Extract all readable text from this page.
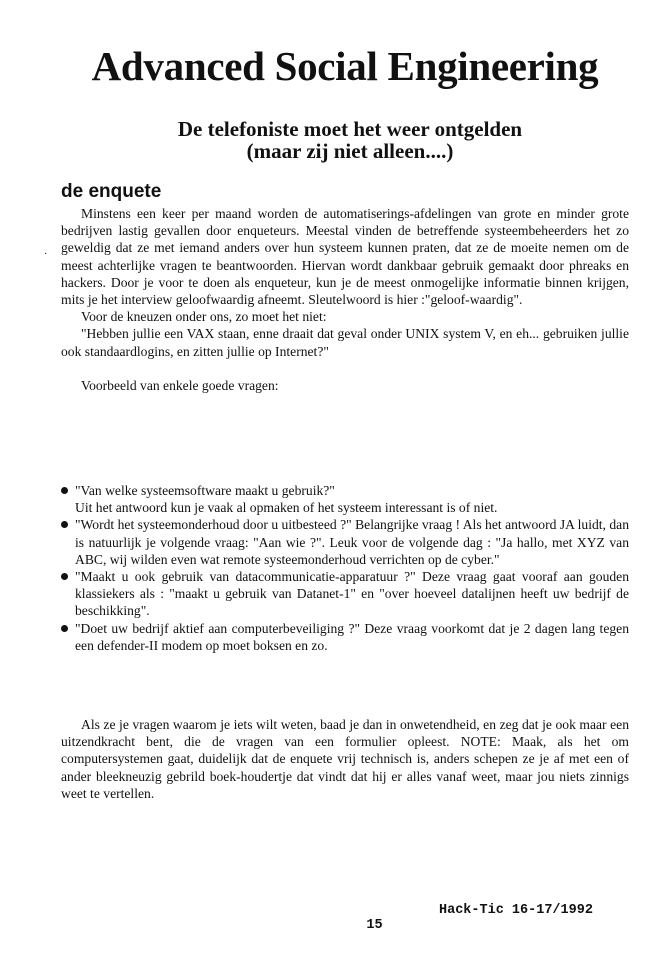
Advanced Social Engineering
De telefoniste moet het weer ontgelden
(maar zij niet alleen....)
de enquete
·

Minstens een keer per maand worden de automatiserings-afdelingen van grote en minder grote bedrijven lastig gevallen door enqueteurs. Meestal vinden de betreffende systeembeheerders het zo geweldig dat ze met iemand anders over hun systeem kunnen praten, dat ze de moeite nemen om de meest achterlijke vragen te beantwoorden. Hiervan wordt dankbaar gebruik gemaakt door phreaks en hackers. Door je voor te doen als enqueteur, kun je de meest onmogelijke informatie binnen krijgen, mits je het interview geloofwaardig afneemt. Sleutelwoord is hier :"geloof-waardig".

Voor de kneuzen onder ons, zo moet het niet:

"Hebben jullie een VAX staan, enne draait dat geval onder UNIX system V, en eh... gebruiken jullie ook standaardlogins, en zitten jullie op Internet?"

Voorbeeld van enkele goede vragen:

"Van welke systeemsoftware maakt u gebruik?"
Uit het antwoord kun je vaak al opmaken of het systeem interessant is of niet.
"Wordt het systeemonderhoud door u uitbesteed ?" Belangrijke vraag ! Als het antwoord JA luidt, dan is natuurlijk je volgende vraag: "Aan wie ?". Leuk voor de volgende dag : "Ja hallo, met XYZ van ABC, wij wilden even wat remote systeemonderhoud verrichten op de cyber."
"Maakt u ook gebruik van datacommunicatie-apparatuur ?" Deze vraag gaat vooraf aan gouden klassiekers als : "maakt u gebruik van Datanet-1" en "over hoeveel datalijnen heeft uw bedrijf de beschikking".
"Doet uw bedrijf aktief aan computerbeveiliging ?" Deze vraag voorkomt dat je 2 dagen lang tegen een defender-II modem op moet boksen en zo.

Als ze je vragen waarom je iets wilt weten, baad je dan in onwetendheid, en zeg dat je ook maar een uitzendkracht bent, die de vragen van een formulier opleest. NOTE: Maak, als het om computersystemen gaat, duidelijk dat de enquete vrij technisch is, anders schepen ze je af met een of ander bleekneuzig gebrild boek-houdertje dat vindt dat hij er alles vanaf weet, maar jou niets zinnigs weet te vertellen.

15

Hack-Tic 16-17/1992
